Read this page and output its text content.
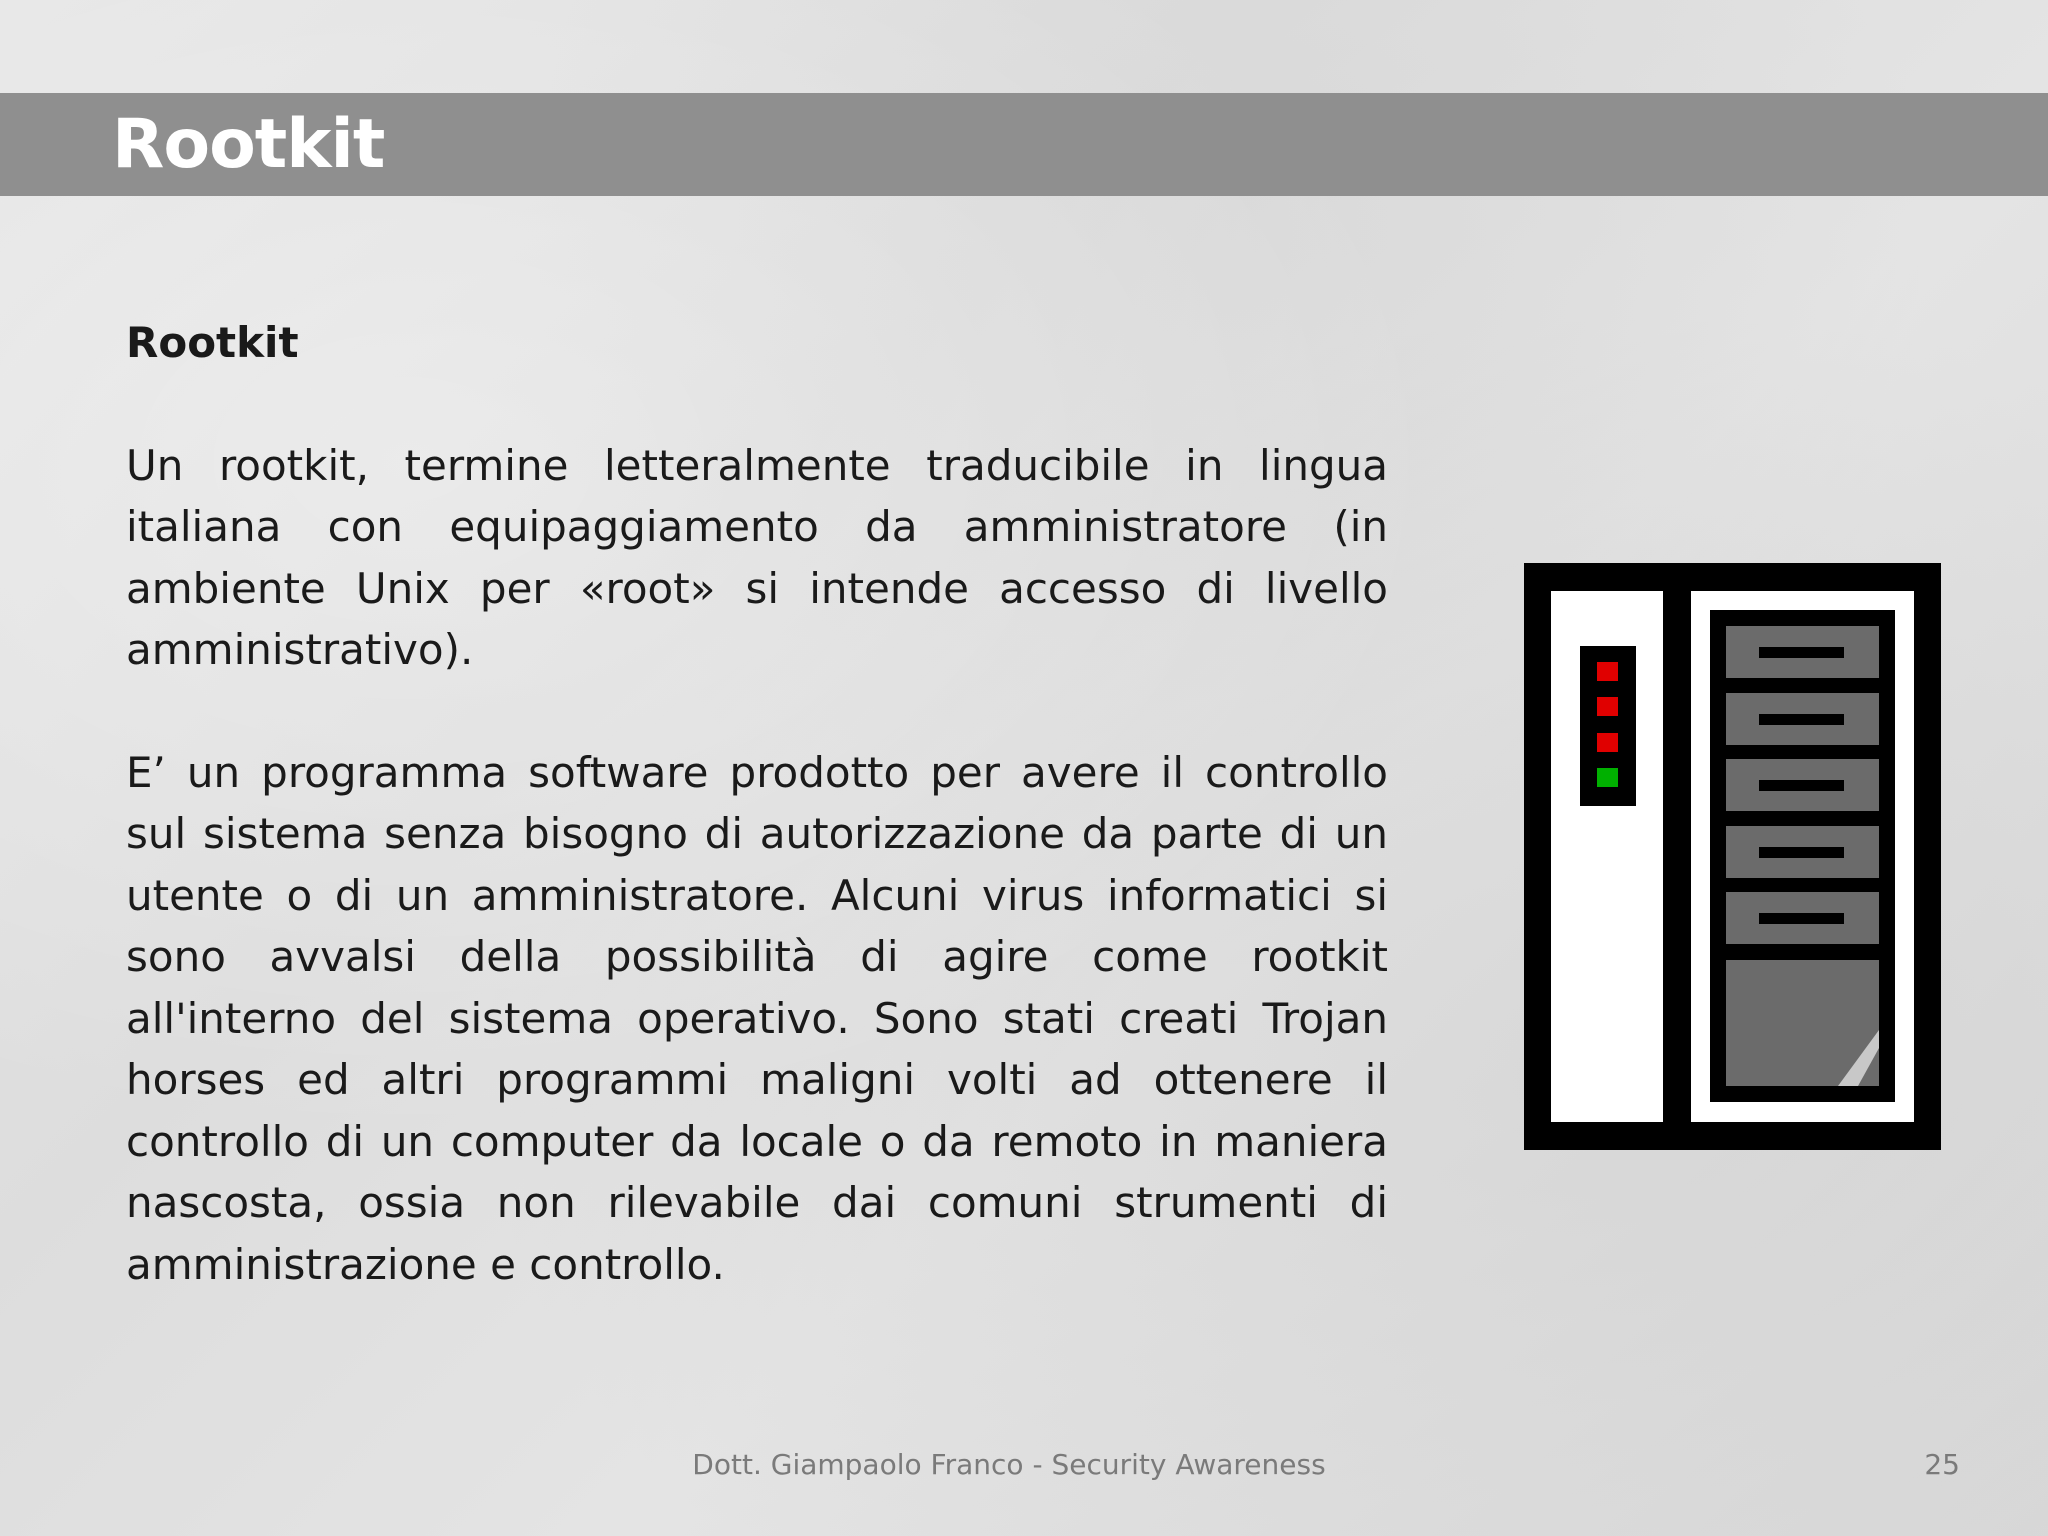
Rootkit
Rootkit
Un rootkit, termine letteralmente traducibile in lingua italiana con equipaggiamento da amministratore (in ambiente Unix per «root» si intende accesso di livello amministrativo).
E’ un programma software prodotto per avere il controllo sul sistema senza bisogno di autorizzazione da parte di un utente o di un amministratore. Alcuni virus informatici si sono avvalsi della possibilità di agire come rootkit all'interno del sistema operativo. Sono stati creati Trojan horses ed altri programmi maligni volti ad ottenere il controllo di un computer da locale o da remoto in maniera nascosta, ossia non rilevabile dai comuni strumenti di amministrazione e controllo.
Dott. Giampaolo Franco - Security Awareness	25
